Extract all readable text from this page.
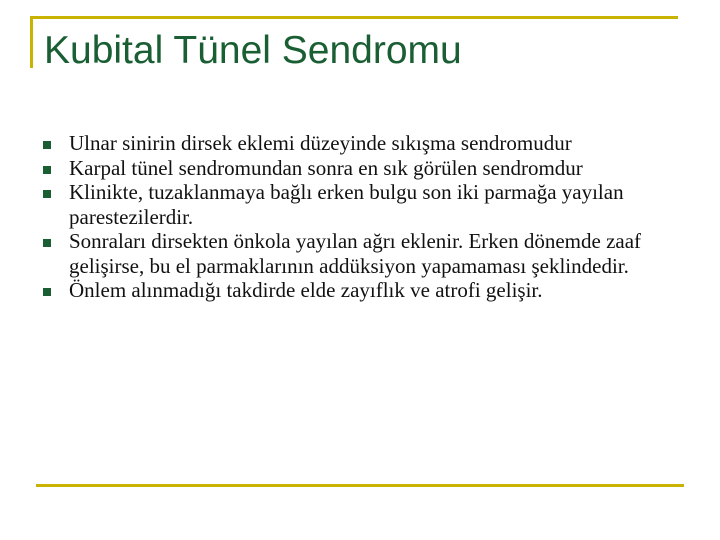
Kubital Tünel Sendromu
Ulnar sinirin dirsek eklemi düzeyinde sıkışma sendromudur
Karpal tünel sendromundan sonra en sık görülen sendromdur
Klinikte, tuzaklanmaya bağlı erken bulgu son iki parmağa yayılan parestezilerdir.
Sonraları dirsekten önkola yayılan ağrı eklenir. Erken dönemde zaaf gelişirse, bu el parmaklarının addüksiyon yapamaması şeklindedir.
Önlem alınmadığı takdirde elde zayıflık ve atrofi gelişir.
